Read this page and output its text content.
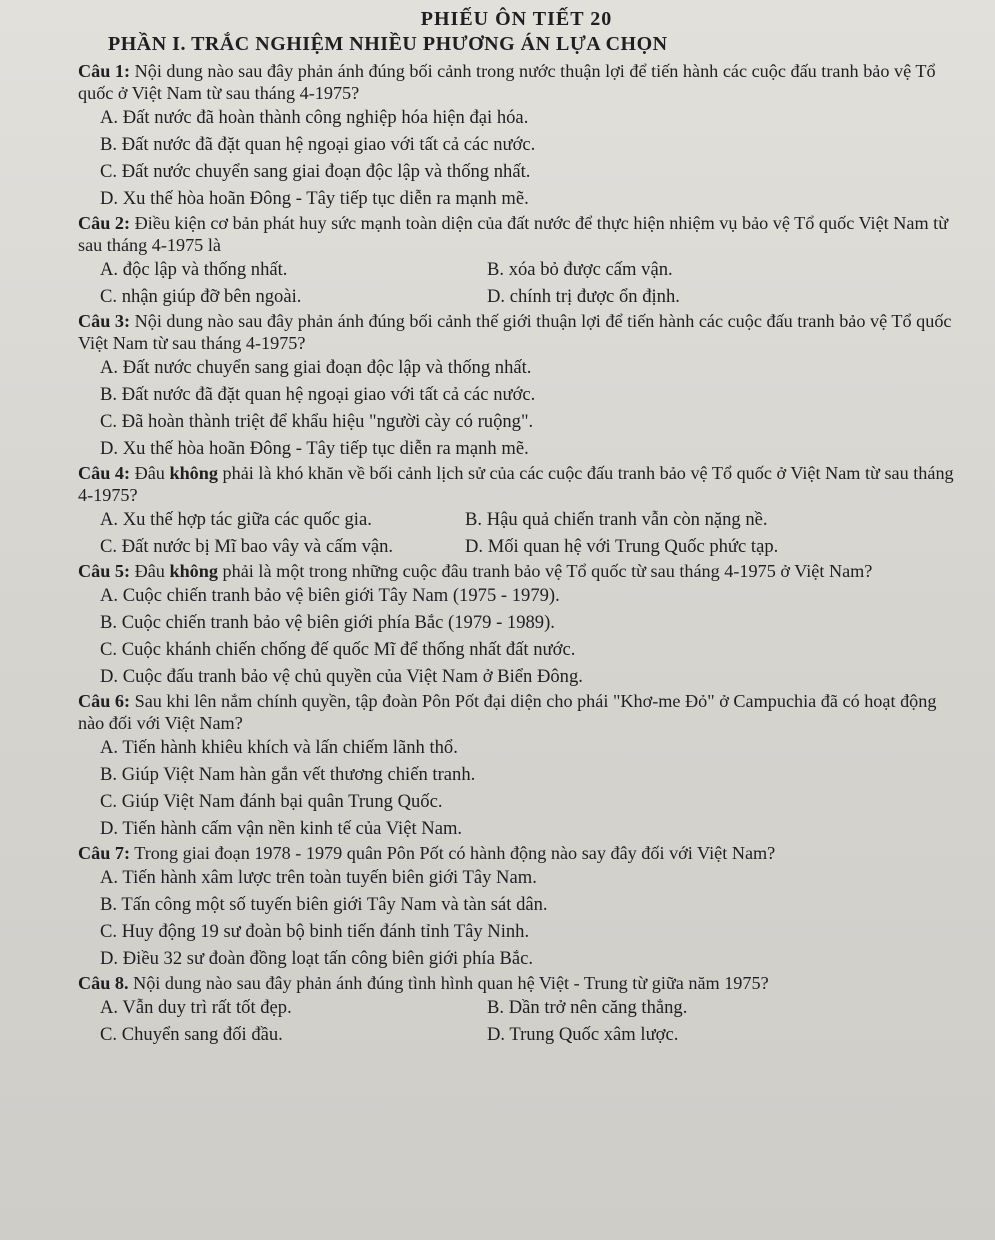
PHIẾU ÔN TIẾT 20
PHẦN I. TRẮC NGHIỆM NHIỀU PHƯƠNG ÁN LỰA CHỌN

Câu 1: Nội dung nào sau đây phản ánh đúng bối cảnh trong nước thuận lợi để tiến hành các cuộc đấu tranh bảo vệ Tổ quốc ở Việt Nam từ sau tháng 4-1975?

A. Đất nước đã hoàn thành công nghiệp hóa hiện đại hóa.
B. Đất nước đã đặt quan hệ ngoại giao với tất cả các nước.
C. Đất nước chuyển sang giai đoạn độc lập và thống nhất.
D. Xu thế hòa hoãn Đông - Tây tiếp tục diễn ra mạnh mẽ.

Câu 2: Điều kiện cơ bản phát huy sức mạnh toàn diện của đất nước để thực hiện nhiệm vụ bảo vệ Tổ quốc Việt Nam từ sau tháng 4-1975 là

A. độc lập và thống nhất.	B. xóa bỏ được cấm vận.
C. nhận giúp đỡ bên ngoài.	D. chính trị được ổn định.

Câu 3: Nội dung nào sau đây phản ánh đúng bối cảnh thế giới thuận lợi để tiến hành các cuộc đấu tranh bảo vệ Tổ quốc Việt Nam từ sau tháng 4-1975?

A. Đất nước chuyển sang giai đoạn độc lập và thống nhất.
B. Đất nước đã đặt quan hệ ngoại giao với tất cả các nước.
C. Đã hoàn thành triệt để khẩu hiệu "người cày có ruộng".
D. Xu thế hòa hoãn Đông - Tây tiếp tục diễn ra mạnh mẽ.

Câu 4: Đâu không phải là khó khăn về bối cảnh lịch sử của các cuộc đấu tranh bảo vệ Tổ quốc ở Việt Nam từ sau tháng 4-1975?

A. Xu thế hợp tác giữa các quốc gia.	B. Hậu quả chiến tranh vẫn còn nặng nề.
C. Đất nước bị Mĩ bao vây và cấm vận.	D. Mối quan hệ với Trung Quốc phức tạp.

Câu 5: Đâu không phải là một trong những cuộc đâu tranh bảo vệ Tổ quốc từ sau tháng 4-1975 ở Việt Nam?

A. Cuộc chiến tranh bảo vệ biên giới Tây Nam (1975 - 1979).
B. Cuộc chiến tranh bảo vệ biên giới phía Bắc (1979 - 1989).
C. Cuộc khánh chiến chống đế quốc Mĩ để thống nhất đất nước.
D. Cuộc đấu tranh bảo vệ chủ quyền của Việt Nam ở Biển Đông.

Câu 6: Sau khi lên nắm chính quyền, tập đoàn Pôn Pốt đại diện cho phái "Khơ-me Đỏ" ở Campuchia đã có hoạt động nào đối với Việt Nam?

A. Tiến hành khiêu khích và lấn chiếm lãnh thổ.
B. Giúp Việt Nam hàn gắn vết thương chiến tranh.
C. Giúp Việt Nam đánh bại quân Trung Quốc.
D. Tiến hành cấm vận nền kinh tế của Việt Nam.

Câu 7: Trong giai đoạn 1978 - 1979 quân Pôn Pốt có hành động nào say đây đối với Việt Nam?

A. Tiến hành xâm lược trên toàn tuyến biên giới Tây Nam.
B. Tấn công một số tuyến biên giới Tây Nam và tàn sát dân.
C. Huy động 19 sư đoàn bộ binh tiến đánh tỉnh Tây Ninh.
D. Điều 32 sư đoàn đồng loạt tấn công biên giới phía Bắc.

Câu 8. Nội dung nào sau đây phản ánh đúng tình hình quan hệ Việt - Trung từ giữa năm 1975?

A. Vẫn duy trì rất tốt đẹp.	B. Dần trở nên căng thẳng.
C. Chuyển sang đối đầu.	D. Trung Quốc xâm lược.
